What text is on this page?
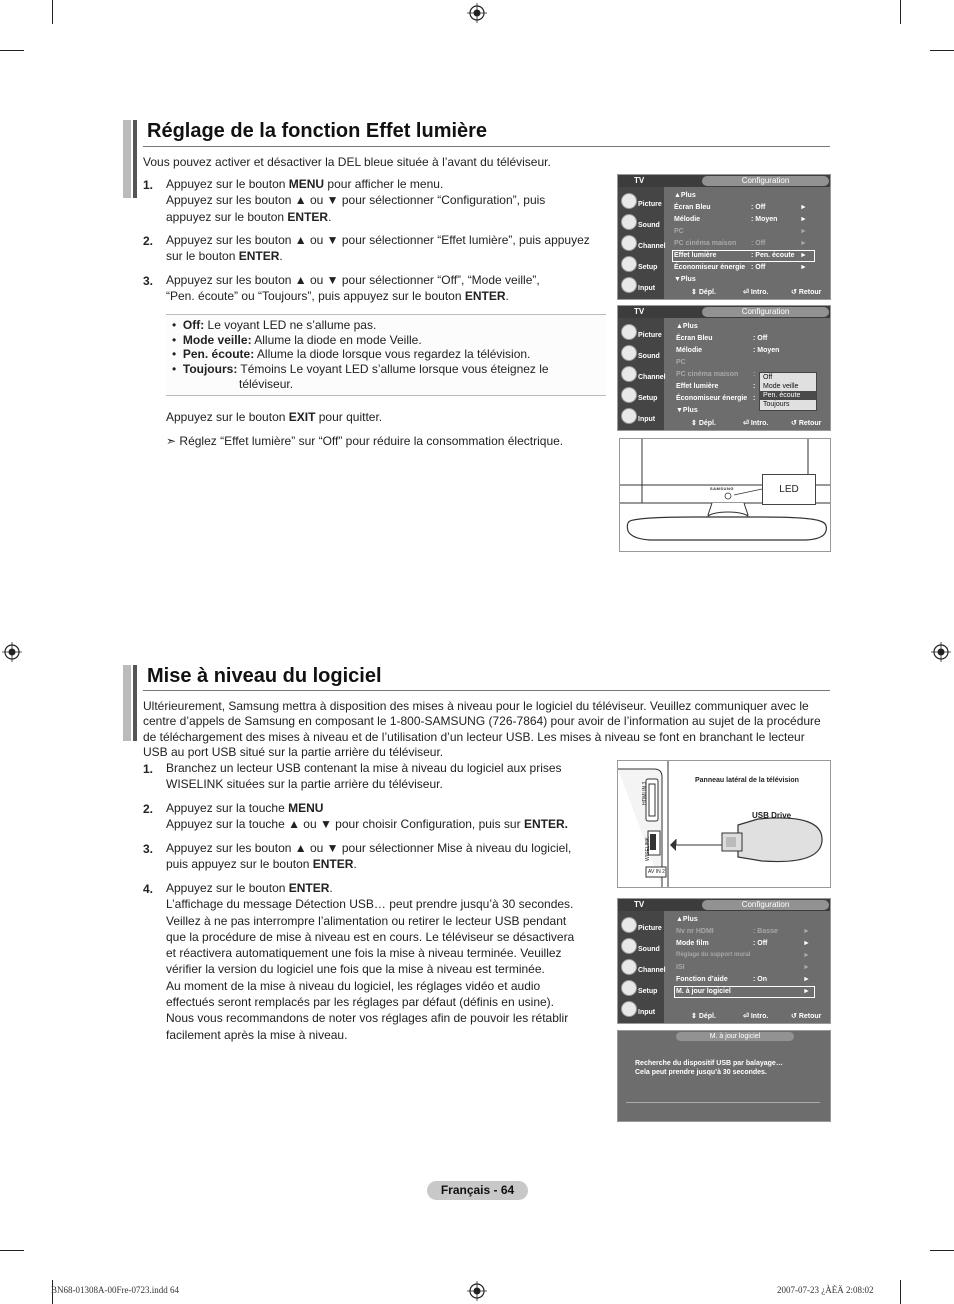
Réglage de la fonction Effet lumière
Vous pouvez activer et désactiver la DEL bleue située à l’avant du téléviseur.
1. Appuyez sur le bouton MENU pour afficher le menu.
Appuyez sur les bouton ▲ ou ▼ pour sélectionner “Configuration”, puis
appuyez sur le bouton ENTER.
2. Appuyez sur les bouton ▲ ou ▼ pour sélectionner “Effet lumière”, puis appuyez
sur le bouton ENTER.
3. Appuyez sur les bouton ▲ ou ▼ pour sélectionner “Off”, “Mode veille”,
“Pen. écoute” ou “Toujours”, puis appuyez sur le bouton ENTER.
•  Off: Le voyant LED ne s’allume pas.
•  Mode veille: Allume la diode en mode Veille.
•  Pen. écoute: Allume la diode lorsque vous regardez la télévision.
•  Toujours: Témoins Le voyant LED s’allume lorsque vous éteignez le
téléviseur.
Appuyez sur le bouton EXIT pour quitter.
➣ Réglez “Effet lumière” sur “Off” pour réduire la consommation électrique.
TV	Configuration
Picture
Sound
Channel
Setup
Input
▲Plus
Écran Bleu	: Off	►
Mélodie	: Moyen	►
PC	►
PC cinéma maison : Off	►
Effet lumière	: Pen. écoute ►
Économiseur énergie : Off	►
▼Plus
⇕ Dépl.	⏎ Intro.	↺ Retour
TV	Configuration
Picture
Sound
Channel
Setup
Input
▲Plus
Écran Bleu	: Off
Mélodie	: Moyen
PC
PC cinéma maison :
Effet lumière	:
Économiseur énergie :
Off
Mode veille
Pen. écoute
Toujours
▼Plus
⇕ Dépl.	⏎ Intro.	↺ Retour
SAMSUNG	LED
Mise à niveau du logiciel
Ultérieurement, Samsung mettra à disposition des mises à niveau pour le logiciel du téléviseur. Veuillez communiquer avec le
centre d’appels de Samsung en composant le 1-800-SAMSUNG (726-7864) pour avoir de l’information au sujet de la procédure
de téléchargement des mises à niveau et de l’utilisation d’un lecteur USB. Les mises à niveau se font en branchant le lecteur
USB au port USB situé sur la partie arrière du téléviseur.
1. Branchez un lecteur USB contenant la mise à niveau du logiciel aux prises
WISELINK situées sur la partie arrière du téléviseur.
2. Appuyez sur la touche MENU
Appuyez sur la touche ▲ ou ▼ pour choisir Configuration, puis sur ENTER.
3. Appuyez sur les bouton ▲ ou ▼ pour sélectionner Mise à niveau du logiciel,
puis appuyez sur le bouton ENTER.
4. Appuyez sur le bouton ENTER.
L’affichage du message Détection USB… peut prendre jusqu’à 30 secondes.
Veillez à ne pas interrompre l’alimentation ou retirer le lecteur USB pendant
que la procédure de mise à niveau est en cours. Le téléviseur se désactivera
et réactivera automatiquement une fois la mise à niveau terminée. Veuillez
vérifier la version du logiciel une fois que la mise à niveau est terminée.
Au moment de la mise à niveau du logiciel, les réglages vidéo et audio
effectués seront remplacés par les réglages par défaut (définis en usine).
Nous vous recommandons de noter vos réglages afin de pouvoir les rétablir
facilement après la mise à niveau.
Panneau latéral de la télévision
USB Drive
HDMI IN 3
WISELINK
AV IN 2
TV	Configuration
Picture
Sound
Channel
Setup
Input
▲Plus
Nv nr HDMI	: Basse	►
Mode film	: Off	►
Réglage du support mural	►
ISI	►
Fonction d’aide	: On	►
M. à jour logiciel	►
⇕ Dépl.	⏎ Intro.	↺ Retour
M. à jour logiciel
Recherche du dispositif USB par balayage…
Cela peut prendre jusqu’à 30 secondes.
Français - 64
BN68-01308A-00Fre-0723.indd 64	2007-07-23 ¿ÀÈÄ 2:08:02
